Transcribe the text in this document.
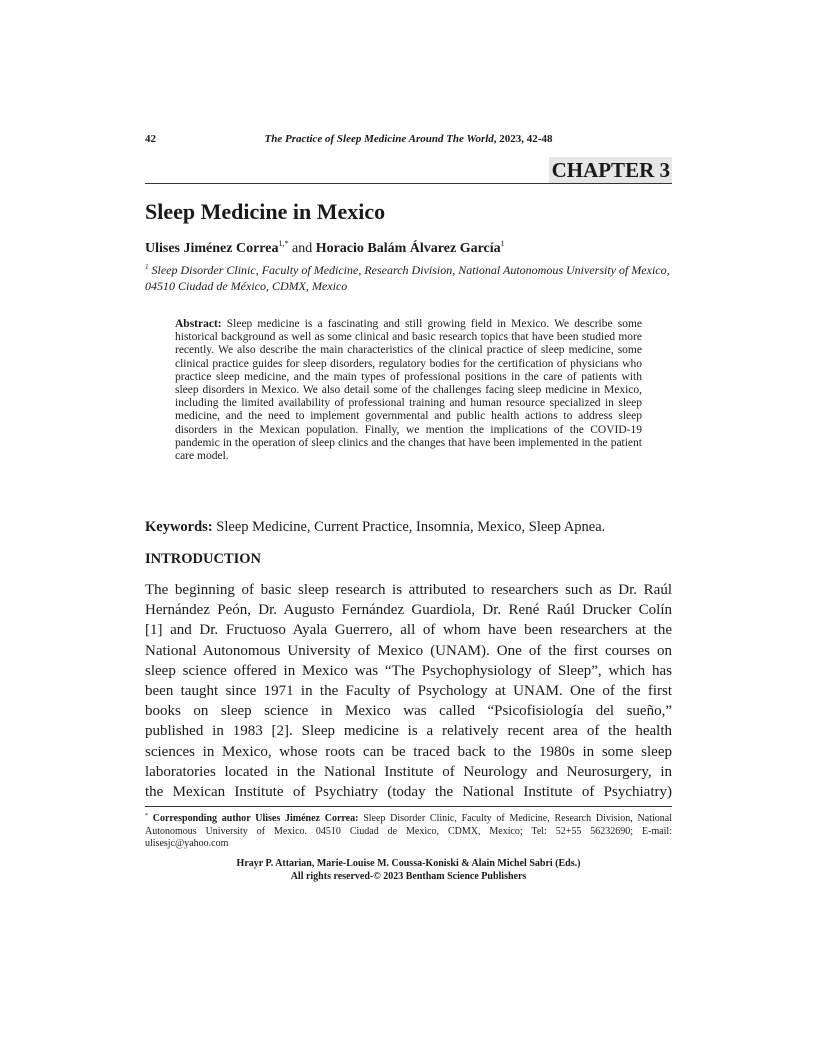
42	The Practice of Sleep Medicine Around The World, 2023, 42-48
CHAPTER 3
Sleep Medicine in Mexico
Ulises Jiménez Correa$^{1,*}$ and Horacio Balám Álvarez García$^1$
$^1$ Sleep Disorder Clinic, Faculty of Medicine, Research Division, National Autonomous University of Mexico, 04510 Ciudad de México, CDMX, Mexico
Abstract: Sleep medicine is a fascinating and still growing field in Mexico. We describe some historical background as well as some clinical and basic research topics that have been studied more recently. We also describe the main characteristics of the clinical practice of sleep medicine, some clinical practice guides for sleep disorders, regulatory bodies for the certification of physicians who practice sleep medicine, and the main types of professional positions in the care of patients with sleep disorders in Mexico. We also detail some of the challenges facing sleep medicine in Mexico, including the limited availability of professional training and human resource specialized in sleep medicine, and the need to implement governmental and public health actions to address sleep disorders in the Mexican population. Finally, we mention the implications of the COVID-19 pandemic in the operation of sleep clinics and the changes that have been implemented in the patient care model.
Keywords: Sleep Medicine, Current Practice, Insomnia, Mexico, Sleep Apnea.
INTRODUCTION

The beginning of basic sleep research is attributed to researchers such as Dr. Raúl
Hernández Peón, Dr. Augusto Fernández Guardiola, Dr. René Raúl Drucker Colín
[1] and Dr. Fructuoso Ayala Guerrero, all of whom have been researchers at the
National Autonomous University of Mexico (UNAM). One of the first courses on
sleep science offered in Mexico was “The Psychophysiology of Sleep”, which has
been taught since 1971 in the Faculty of Psychology at UNAM. One of the first
books on sleep science in Mexico was called “Psicofisiología del sueño,”
published in 1983 [2]. Sleep medicine is a relatively recent area of the health
sciences in Mexico, whose roots can be traced back to the 1980s in some sleep
laboratories located in the National Institute of Neurology and Neurosurgery, in
the Mexican Institute of Psychiatry (today the National Institute of Psychiatry)

* Corresponding author Ulises Jiménez Correa: Sleep Disorder Clinic, Faculty of Medicine, Research Division, National Autonomous University of Mexico. 04510 Ciudad de Mexico, CDMX, Mexico; Tel: 52+55 56232690; E-mail: ulisesjc@yahoo.com
Hrayr P. Attarian, Marie-Louise M. Coussa-Koniski & Alain Michel Sabri (Eds.)
All rights reserved-© 2023 Bentham Science Publishers
